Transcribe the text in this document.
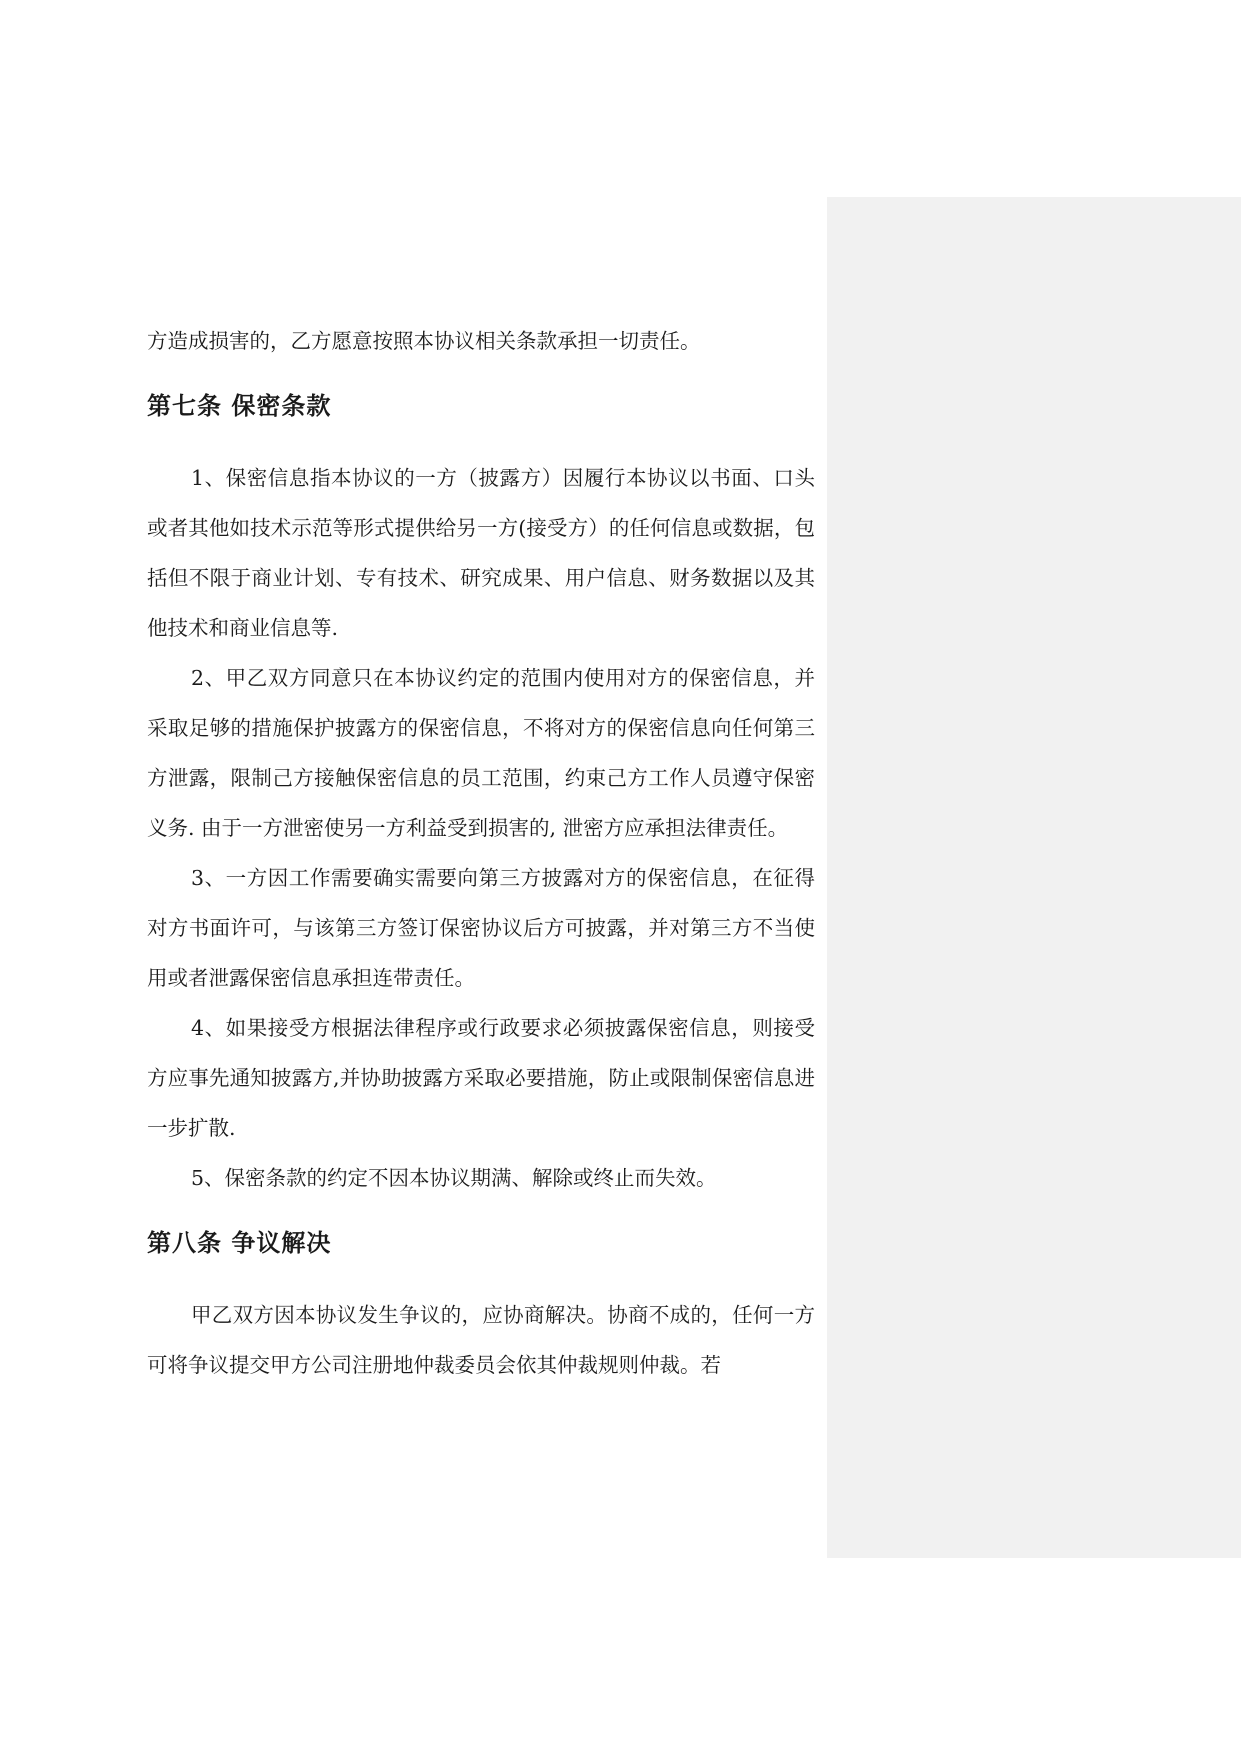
方造成损害的，乙方愿意按照本协议相关条款承担一切责任。

第七条 保密条款

1、保密信息指本协议的一方（披露方）因履行本协议以书面、口头或者其他如技术示范等形式提供给另一方(接受方）的任何信息或数据，包括但不限于商业计划、专有技术、研究成果、用户信息、财务数据以及其他技术和商业信息等.

2、甲乙双方同意只在本协议约定的范围内使用对方的保密信息，并采取足够的措施保护披露方的保密信息，不将对方的保密信息向任何第三方泄露，限制己方接触保密信息的员工范围，约束己方工作人员遵守保密义务. 由于一方泄密使另一方利益受到损害的, 泄密方应承担法律责任。

3、一方因工作需要确实需要向第三方披露对方的保密信息，在征得对方书面许可，与该第三方签订保密协议后方可披露，并对第三方不当使用或者泄露保密信息承担连带责任。

4、如果接受方根据法律程序或行政要求必须披露保密信息，则接受方应事先通知披露方,并协助披露方采取必要措施，防止或限制保密信息进一步扩散.

5、保密条款的约定不因本协议期满、解除或终止而失效。

第八条 争议解决

甲乙双方因本协议发生争议的，应协商解决。协商不成的，任何一方可将争议提交甲方公司注册地仲裁委员会依其仲裁规则仲裁。若
